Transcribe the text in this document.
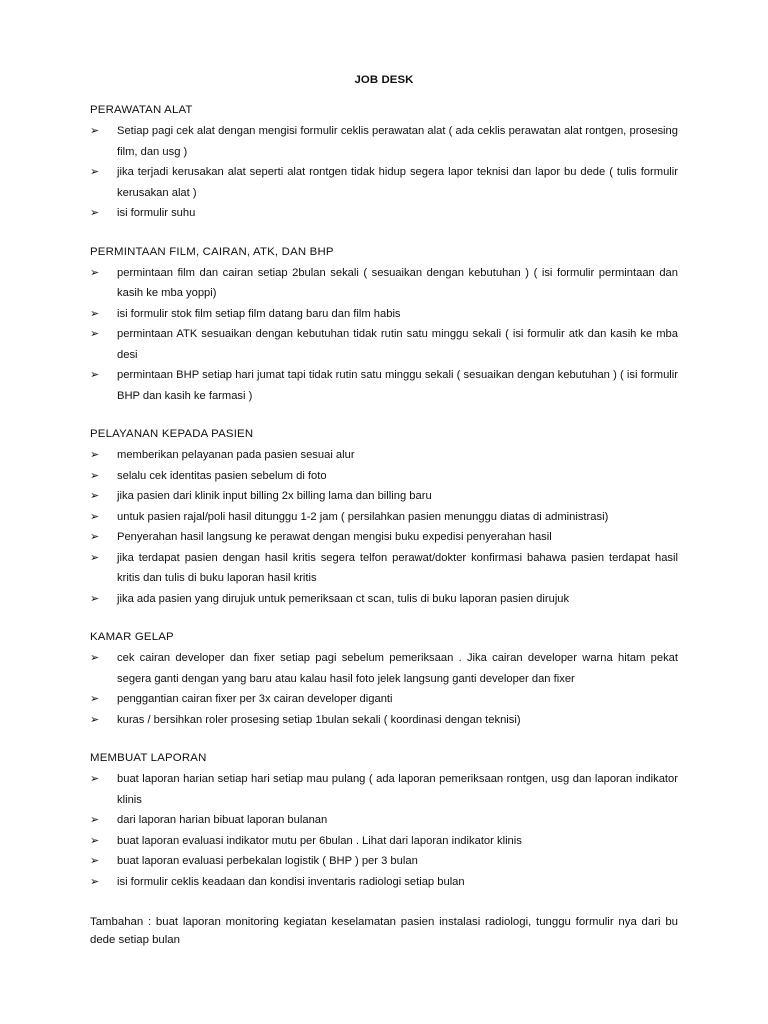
JOB DESK
PERAWATAN ALAT
➢	Setiap pagi cek alat dengan mengisi formulir ceklis perawatan alat ( ada ceklis perawatan alat rontgen, prosesing film, dan usg )
➢	jika terjadi kerusakan alat seperti alat rontgen tidak hidup segera lapor teknisi dan lapor bu dede ( tulis formulir kerusakan alat )
➢	isi formulir suhu
PERMINTAAN FILM, CAIRAN, ATK, DAN BHP
➢	permintaan film dan cairan setiap 2bulan sekali ( sesuaikan dengan kebutuhan ) ( isi formulir permintaan dan kasih ke mba yoppi)
➢	isi formulir stok film setiap film datang baru dan film habis
➢	permintaan ATK sesuaikan dengan kebutuhan tidak rutin satu minggu sekali ( isi formulir atk dan kasih ke mba desi
➢	permintaan BHP setiap hari jumat tapi tidak rutin satu minggu sekali ( sesuaikan dengan kebutuhan ) ( isi formulir BHP dan kasih ke farmasi )
PELAYANAN KEPADA PASIEN
➢	memberikan pelayanan pada pasien sesuai alur
➢	selalu cek identitas pasien sebelum di foto
➢	jika pasien dari klinik input billing 2x billing lama dan billing baru
➢	untuk pasien rajal/poli hasil ditunggu 1-2 jam ( persilahkan pasien menunggu diatas di administrasi)
➢	Penyerahan hasil langsung ke perawat dengan mengisi buku expedisi penyerahan hasil
➢	jika terdapat pasien dengan hasil kritis segera telfon perawat/dokter konfirmasi bahawa pasien terdapat hasil kritis dan tulis di buku laporan hasil kritis
➢	jika ada pasien yang dirujuk untuk pemeriksaan ct scan, tulis di buku laporan pasien dirujuk
KAMAR GELAP
➢	cek cairan developer dan fixer setiap pagi sebelum pemeriksaan . Jika cairan developer warna hitam pekat segera ganti dengan yang baru atau kalau hasil foto jelek langsung ganti developer dan fixer
➢	penggantian cairan fixer per 3x cairan developer diganti
➢	kuras / bersihkan roler prosesing setiap 1bulan sekali ( koordinasi dengan teknisi)
MEMBUAT LAPORAN
➢	buat laporan harian setiap hari setiap mau pulang ( ada laporan pemeriksaan rontgen, usg dan laporan indikator klinis
➢	dari laporan harian bibuat laporan bulanan
➢	buat laporan evaluasi indikator mutu per 6bulan . Lihat dari laporan indikator klinis
➢	buat laporan evaluasi perbekalan logistik ( BHP ) per 3 bulan
➢	isi formulir ceklis keadaan dan kondisi inventaris radiologi setiap bulan
Tambahan : buat laporan monitoring kegiatan keselamatan pasien instalasi radiologi, tunggu formulir nya dari bu dede setiap bulan
